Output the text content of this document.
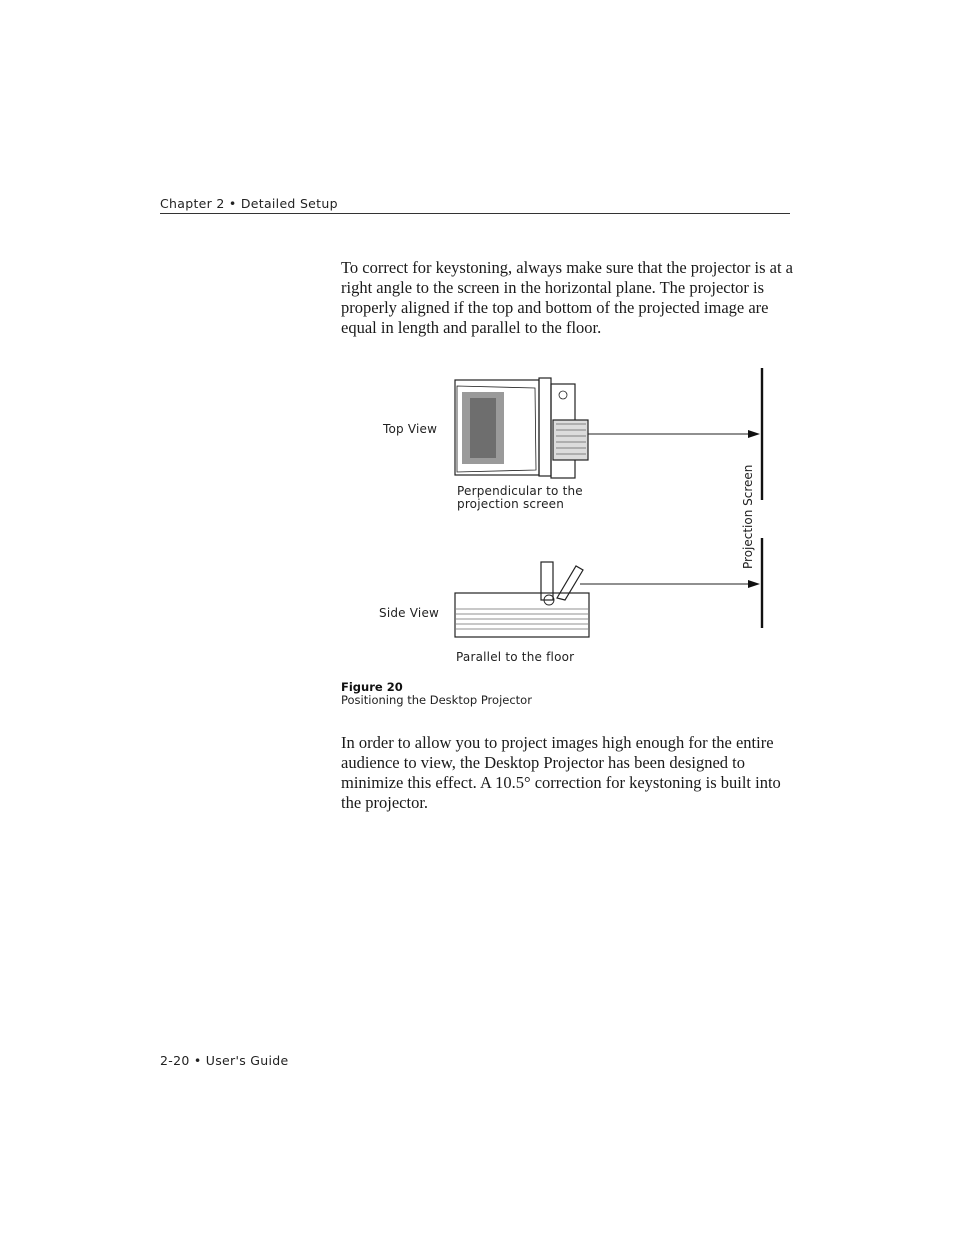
Chapter 2 • Detailed Setup
To correct for keystoning, always make sure that the projector is at a right angle to the screen in the horizontal plane. The projector is properly aligned if the top and bottom of the projected image are equal in length and parallel to the floor.
Projection Screen
Top View
Perpendicular to the
projection screen
Side View
Parallel to the floor
Figure 20
Positioning the Desktop Projector
In order to allow you to project images high enough for the entire audience to view, the Desktop Projector has been designed to minimize this effect. A 10.5° correction for keystoning is built into the projector.
2-20 • User's Guide
